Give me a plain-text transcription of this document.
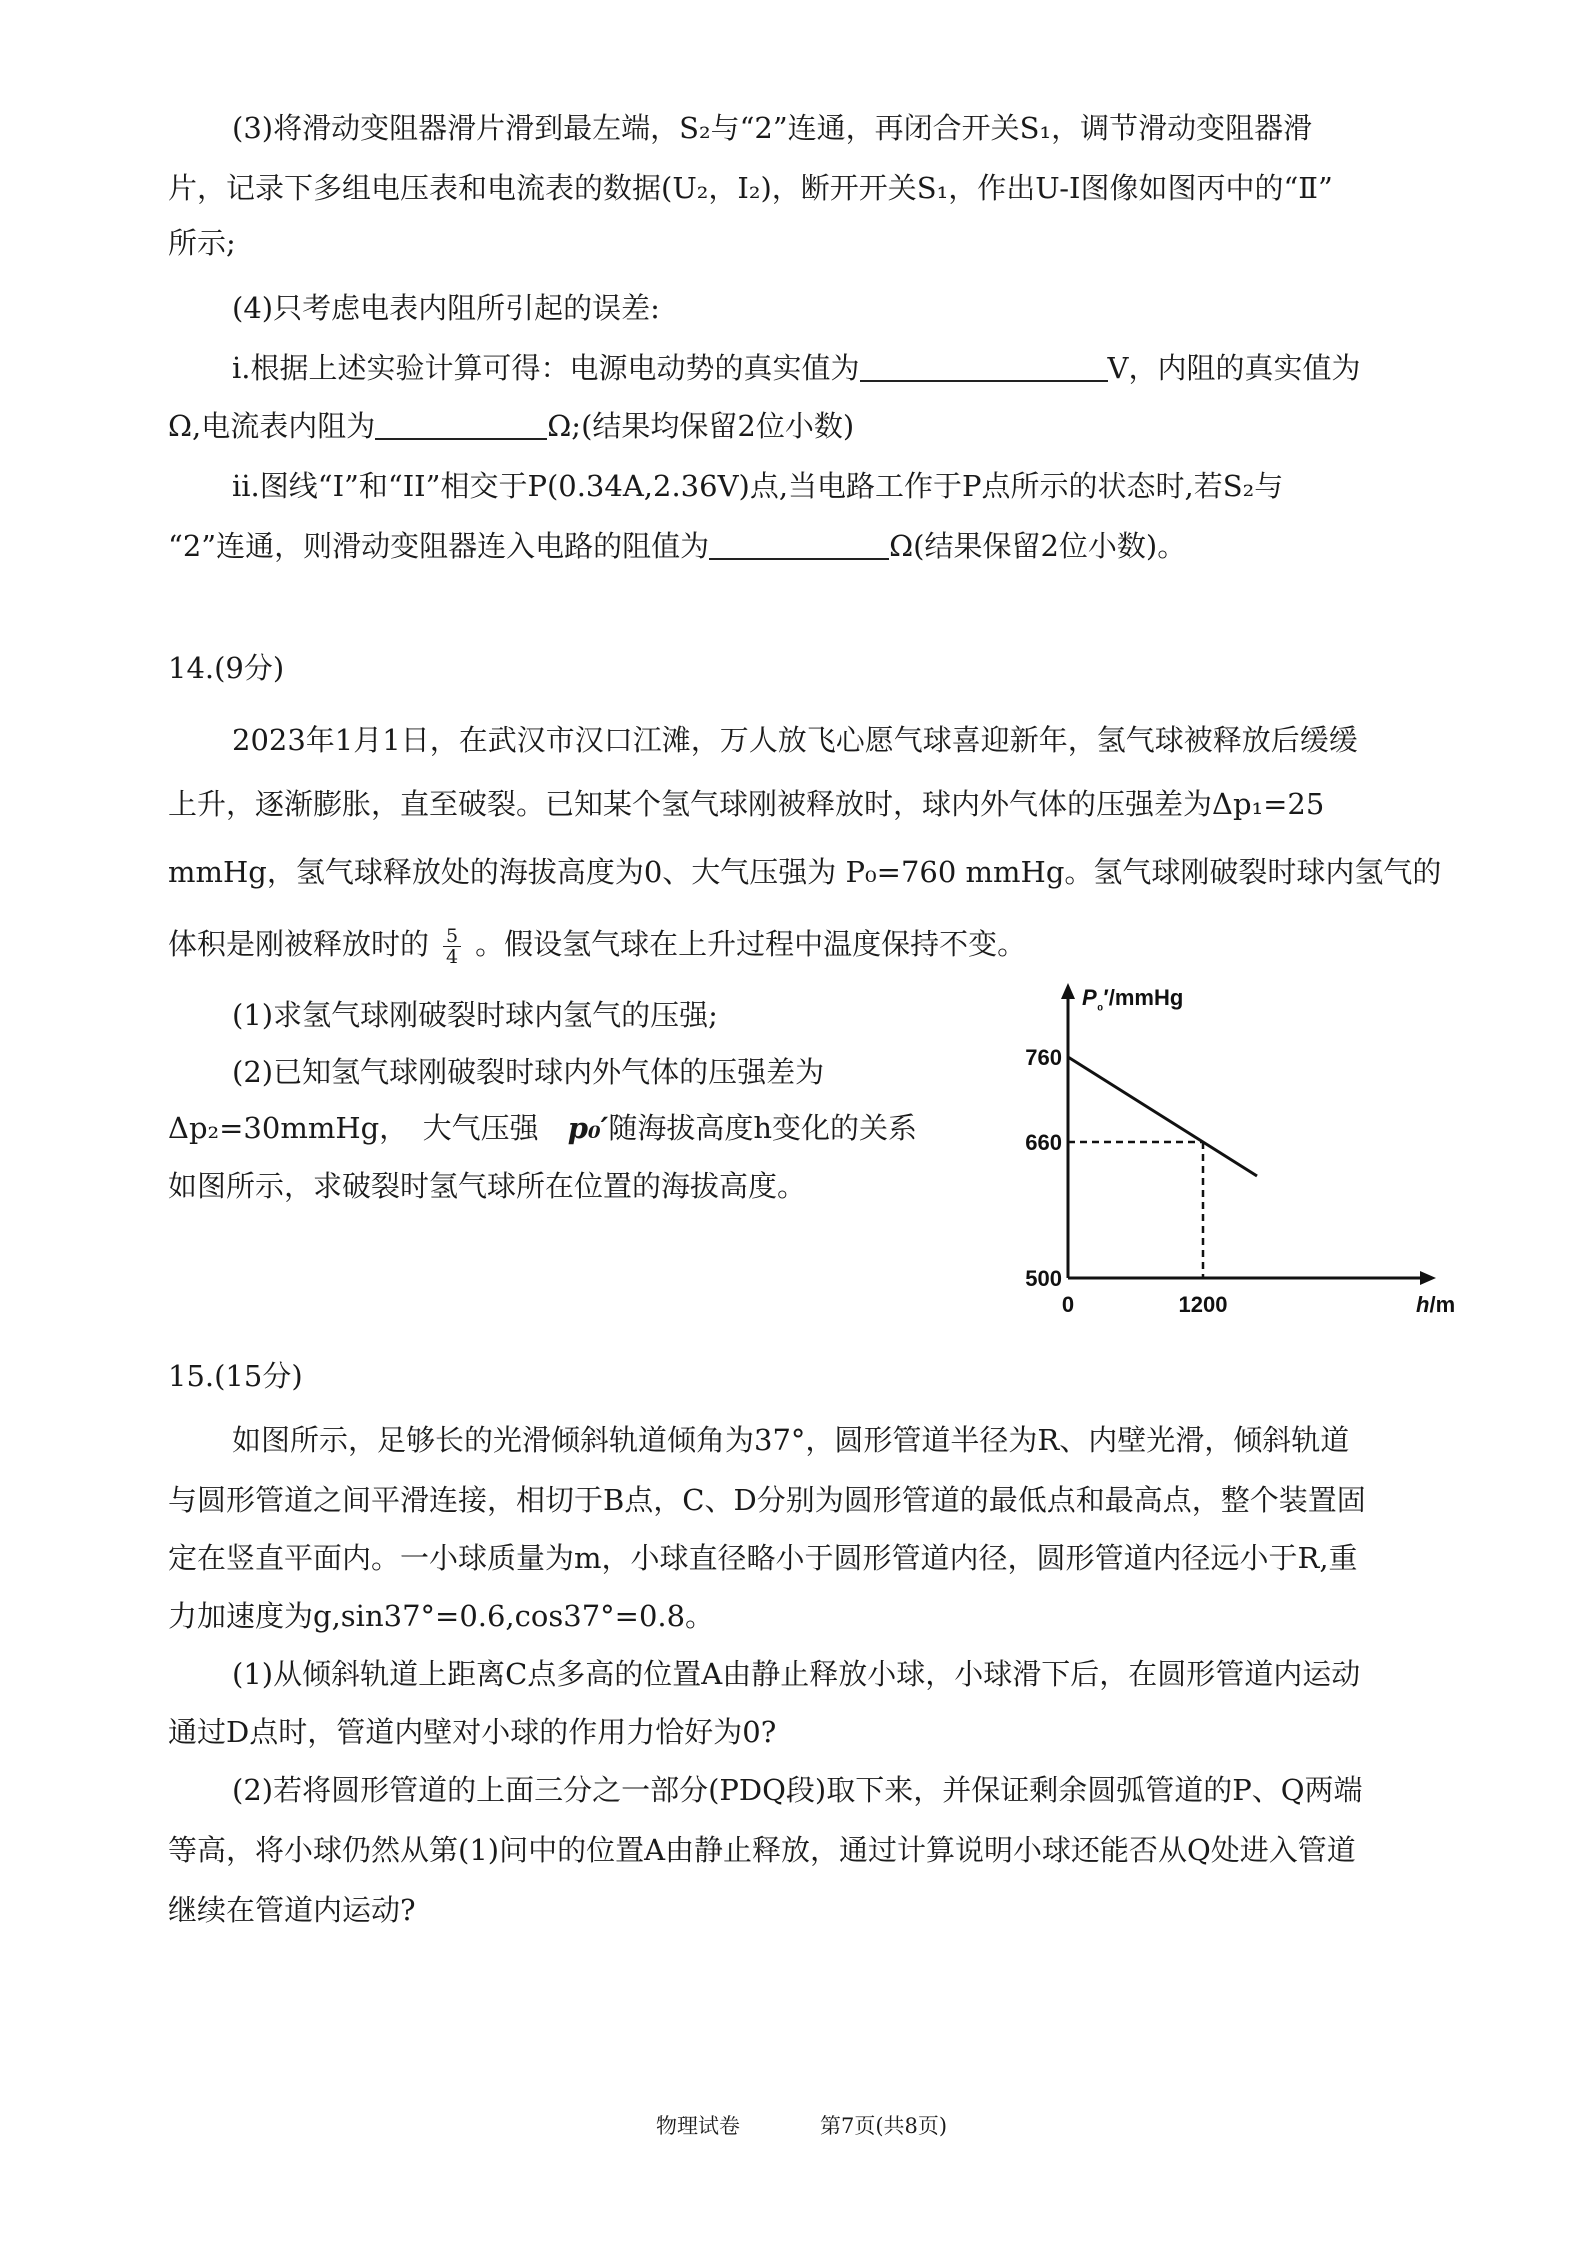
(3)将滑动变阻器滑片滑到最左端，S₂与“2”连通，再闭合开关S₁，调节滑动变阻器滑
片，记录下多组电压表和电流表的数据(U₂，I₂)，断开开关S₁，作出U-I图像如图丙中的“Ⅱ”
所示;
(4)只考虑电表内阻所引起的误差:
ⅰ.根据上述实验计算可得：电源电动势的真实值为	V，内阻的真实值为
Ω,电流表内阻为	Ω;(结果均保留2位小数)
ⅱ.图线“I”和“II”相交于P(0.34A,2.36V)点,当电路工作于P点所示的状态时,若S₂与
“2”连通，则滑动变阻器连入电路的阻值为	Ω(结果保留2位小数)。
14.(9分)
2023年1月1日，在武汉市汉口江滩，万人放飞心愿气球喜迎新年，氢气球被释放后缓缓
上升，逐渐膨胀，直至破裂。已知某个氢气球刚被释放时，球内外气体的压强差为Δp₁=25
mmHg，氢气球释放处的海拔高度为0、大气压强为 P₀=760 mmHg。氢气球刚破裂时球内氢气的
体积是刚被释放时的 $\frac{5}{4}$ 。假设氢气球在上升过程中温度保持不变。
(1)求氢气球刚破裂时球内氢气的压强;
(2)已知氢气球刚破裂时球内外气体的压强差为
Δp₂=30mmHg，　大气压强　p₀′随海拔高度h变化的关系
如图所示，求破裂时氢气球所在位置的海拔高度。
$P_{_0}'$/mmHg
h/m
500
660
760
0	1200
15.(15分)
如图所示，足够长的光滑倾斜轨道倾角为37°，圆形管道半径为R、内壁光滑，倾斜轨道
与圆形管道之间平滑连接，相切于B点，C、D分别为圆形管道的最低点和最高点，整个装置固
定在竖直平面内。一小球质量为m，小球直径略小于圆形管道内径，圆形管道内径远小于R,重
力加速度为g,sin37°=0.6,cos37°=0.8。
(1)从倾斜轨道上距离C点多高的位置A由静止释放小球，小球滑下后，在圆形管道内运动
通过D点时，管道内壁对小球的作用力恰好为0?
(2)若将圆形管道的上面三分之一部分(PDQ段)取下来，并保证剩余圆弧管道的P、Q两端
等高，将小球仍然从第(1)问中的位置A由静止释放，通过计算说明小球还能否从Q处进入管道
继续在管道内运动?
物理试卷	第7页(共8页)
